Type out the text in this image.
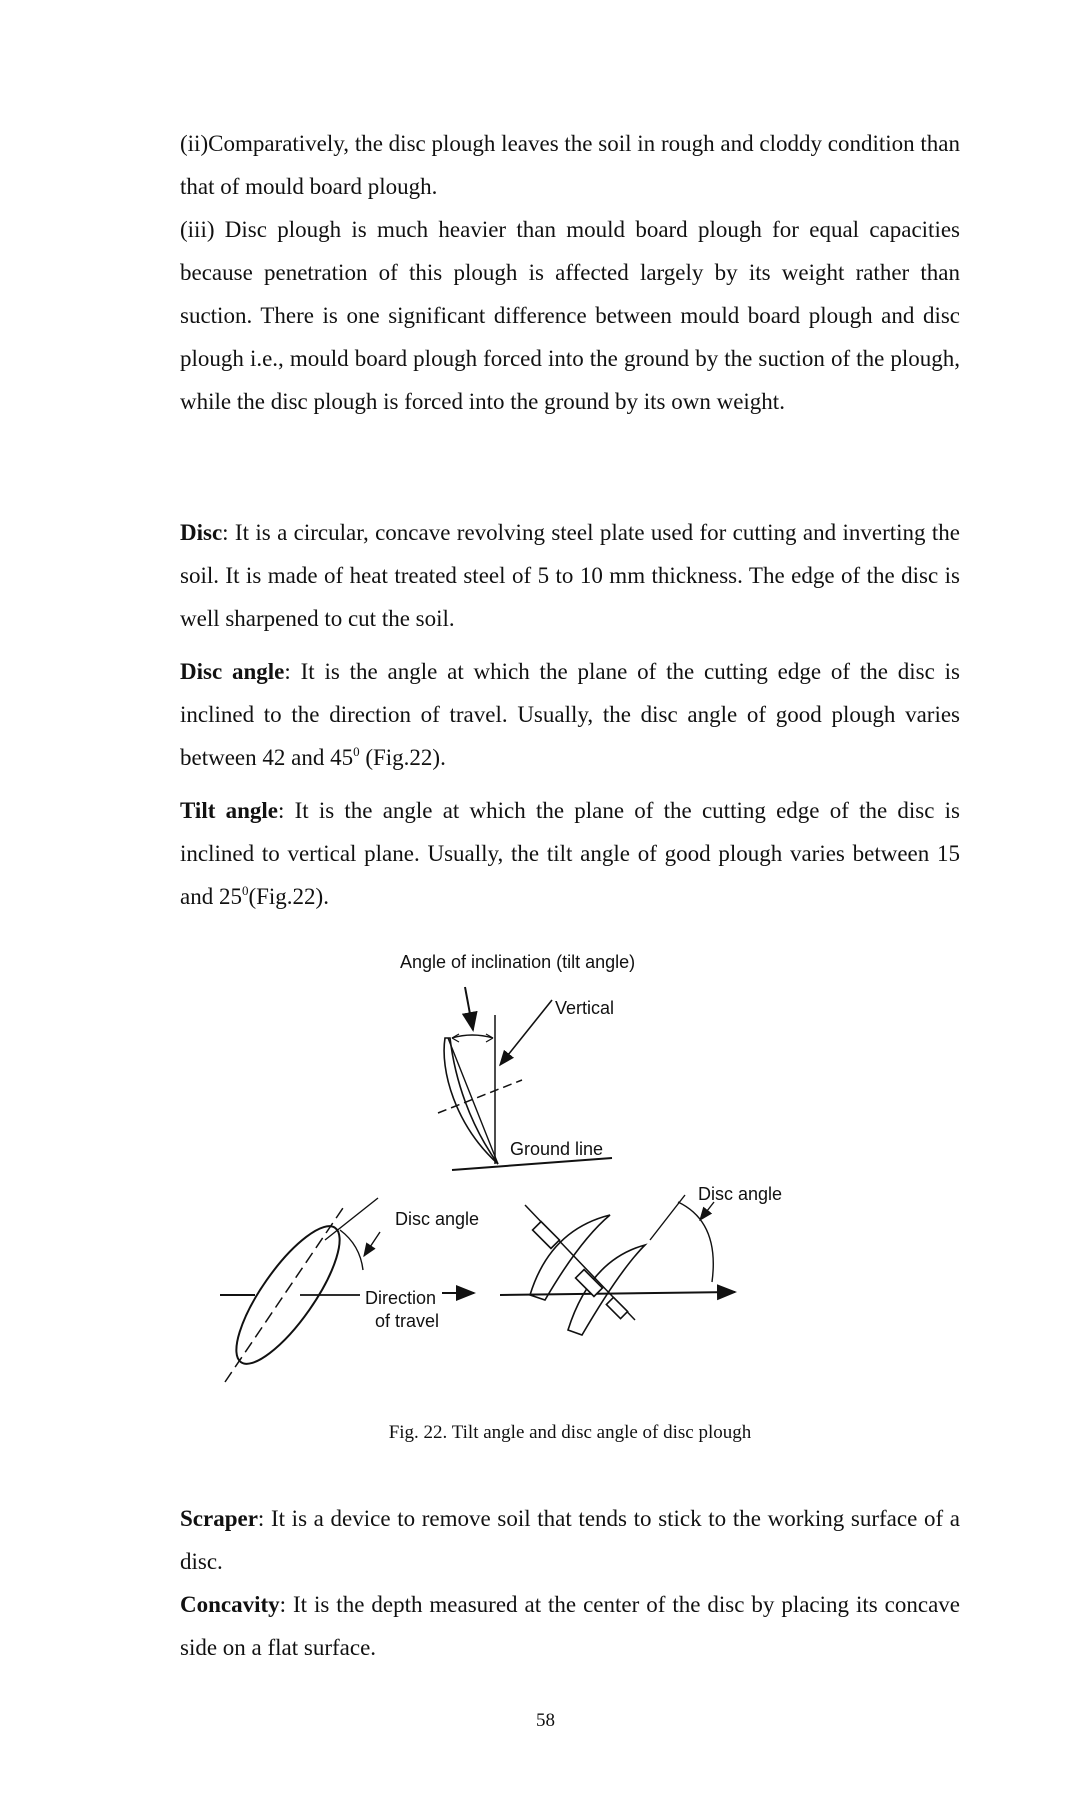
(ii)Comparatively, the disc plough leaves the soil in rough and cloddy condition than that of mould board plough.

(iii) Disc plough is much heavier than mould board plough for equal capacities because penetration of this plough is affected largely by its weight rather than suction. There is one significant difference between mould board plough and disc plough i.e., mould board plough forced into the ground by the suction of the plough, while the disc plough is forced into the ground by its own weight.

Disc: It is a circular, concave revolving steel plate used for cutting and inverting the soil. It is made of heat treated steel of 5 to 10 mm thickness. The edge of the disc is well sharpened to cut the soil.

Disc angle: It is the angle at which the plane of the cutting edge of the disc is inclined to the direction of travel. Usually, the disc angle of good plough varies between 42 and $45^0$ (Fig.22).

Tilt angle: It is the angle at which the plane of the cutting edge of the disc is inclined to vertical plane. Usually, the tilt angle of good plough varies between 15 and $25^0(Fig.22)$.

Angle of inclination (tilt angle)
Vertical
Ground line
Disc angle
Direction
of travel
Disc angle
Fig. 22. Tilt angle and disc angle of disc plough

Scraper: It is a device to remove soil that tends to stick to the working surface of a disc.

Concavity: It is the depth measured at the center of the disc by placing its concave side on a flat surface.

58
